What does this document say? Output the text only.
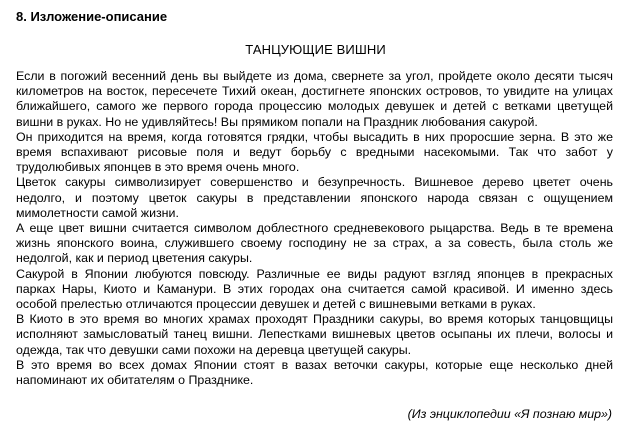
8. Изложение-описание
ТАНЦУЮЩИЕ ВИШНИ

Если в погожий весенний день вы выйдете из дома, свернете за угол, пройдете около десяти тысяч километров на восток, пересечете Тихий океан, достигнете японских островов, то увидите на улицах ближайшего, самого же первого города процессию молодых девушек и детей с ветками цветущей вишни в руках. Но не удивляйтесь! Вы прямиком попали на Праздник любования сакурой.

Он приходится на время, когда готовятся грядки, чтобы высадить в них проросшие зерна. В это же время вспахивают рисовые поля и ведут борьбу с вредными насекомыми. Так что забот у трудолюбивых японцев в это время очень много.

Цветок сакуры символизирует совершенство и безупречность. Вишневое дерево цветет очень недолго, и поэтому цветок сакуры в представлении японского народа связан с ощущением мимолетности самой жизни.

А еще цвет вишни считается символом доблестного средневекового рыцарства. Ведь в те времена жизнь японского воина, служившего своему господину не за страх, а за совесть, была столь же недолгой, как и период цветения сакуры.

Сакурой в Японии любуются повсюду. Различные ее виды радуют взгляд японцев в прекрасных парках Нары, Киото и Каманури. В этих городах она считается самой красивой. И именно здесь особой прелестью отличаются процессии девушек и детей с вишневыми ветками в руках.

В Киото в это время во многих храмах проходят Праздники сакуры, во время которых танцовщицы исполняют замысловатый танец вишни. Лепестками вишневых цветов осыпаны их плечи, волосы и одежда, так что девушки сами похожи на деревца цветущей сакуры.

В это время во всех домах Японии стоят в вазах веточки сакуры, которые еще несколько дней напоминают их обитателям о Празднике.

(Из энциклопедии «Я познаю мир»)
